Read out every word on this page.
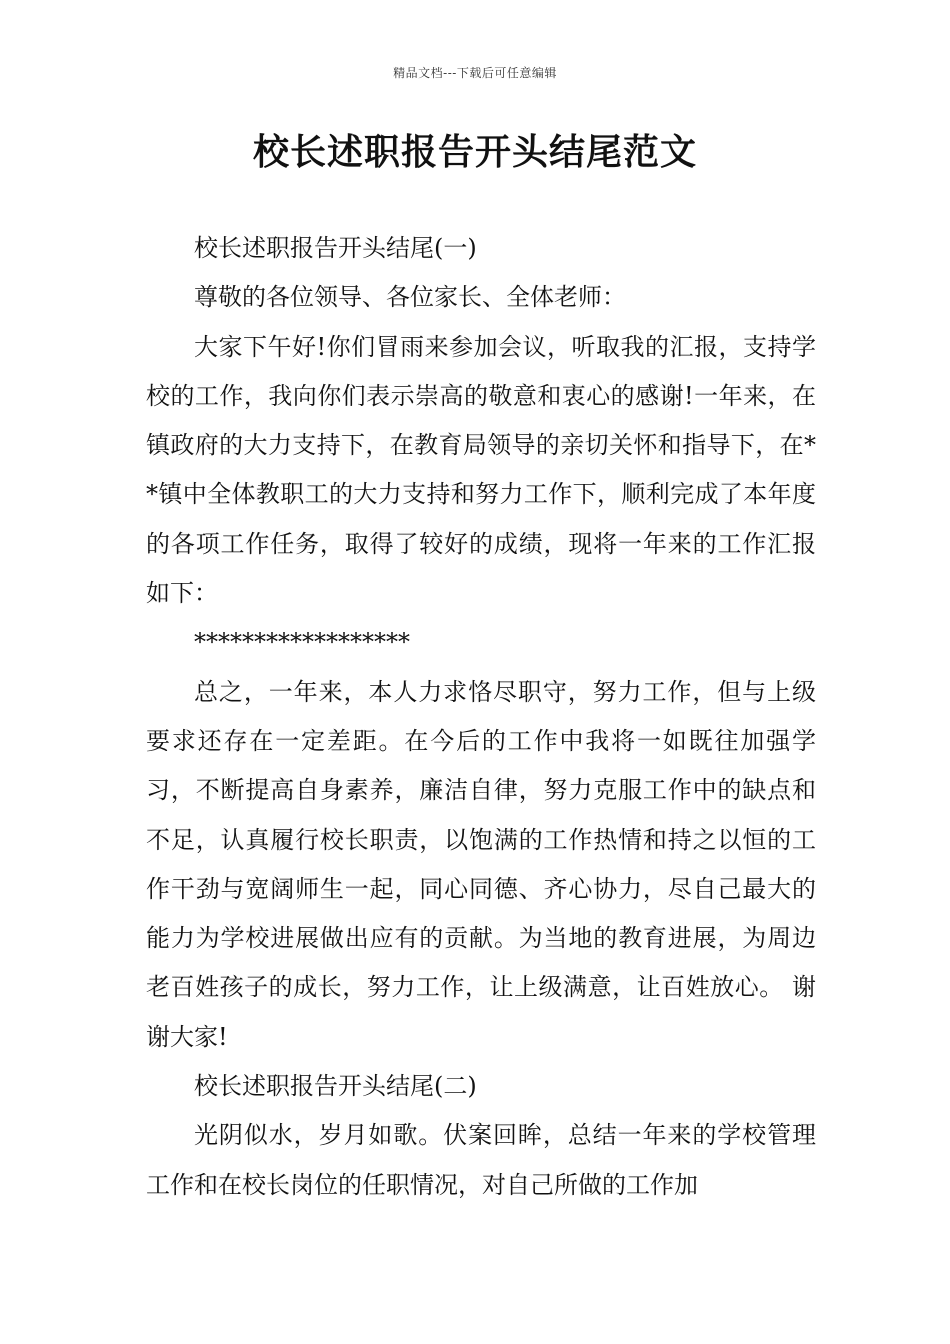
精品文档---下载后可任意编辑
校长述职报告开头结尾范文

校长述职报告开头结尾(一)

尊敬的各位领导、各位家长、全体老师：

大家下午好!你们冒雨来参加会议，听取我的汇报，支持学校的工作，我向你们表示崇高的敬意和衷心的感谢!一年来，在镇政府的大力支持下，在教育局领导的亲切关怀和指导下，在**镇中全体教职工的大力支持和努力工作下，顺利完成了本年度的各项工作任务，取得了较好的成绩，现将一年来的工作汇报如下：

******************

总之，一年来，本人力求恪尽职守，努力工作，但与上级要求还存在一定差距。在今后的工作中我将一如既往加强学习，不断提高自身素养，廉洁自律，努力克服工作中的缺点和不足，认真履行校长职责，以饱满的工作热情和持之以恒的工作干劲与宽阔师生一起，同心同德、齐心协力，尽自己最大的能力为学校进展做出应有的贡献。为当地的教育进展，为周边老百姓孩子的成长，努力工作，让上级满意，让百姓放心。 谢谢大家!

校长述职报告开头结尾(二)

光阴似水，岁月如歌。伏案回眸，总结一年来的学校管理工作和在校长岗位的任职情况，对自己所做的工作加
